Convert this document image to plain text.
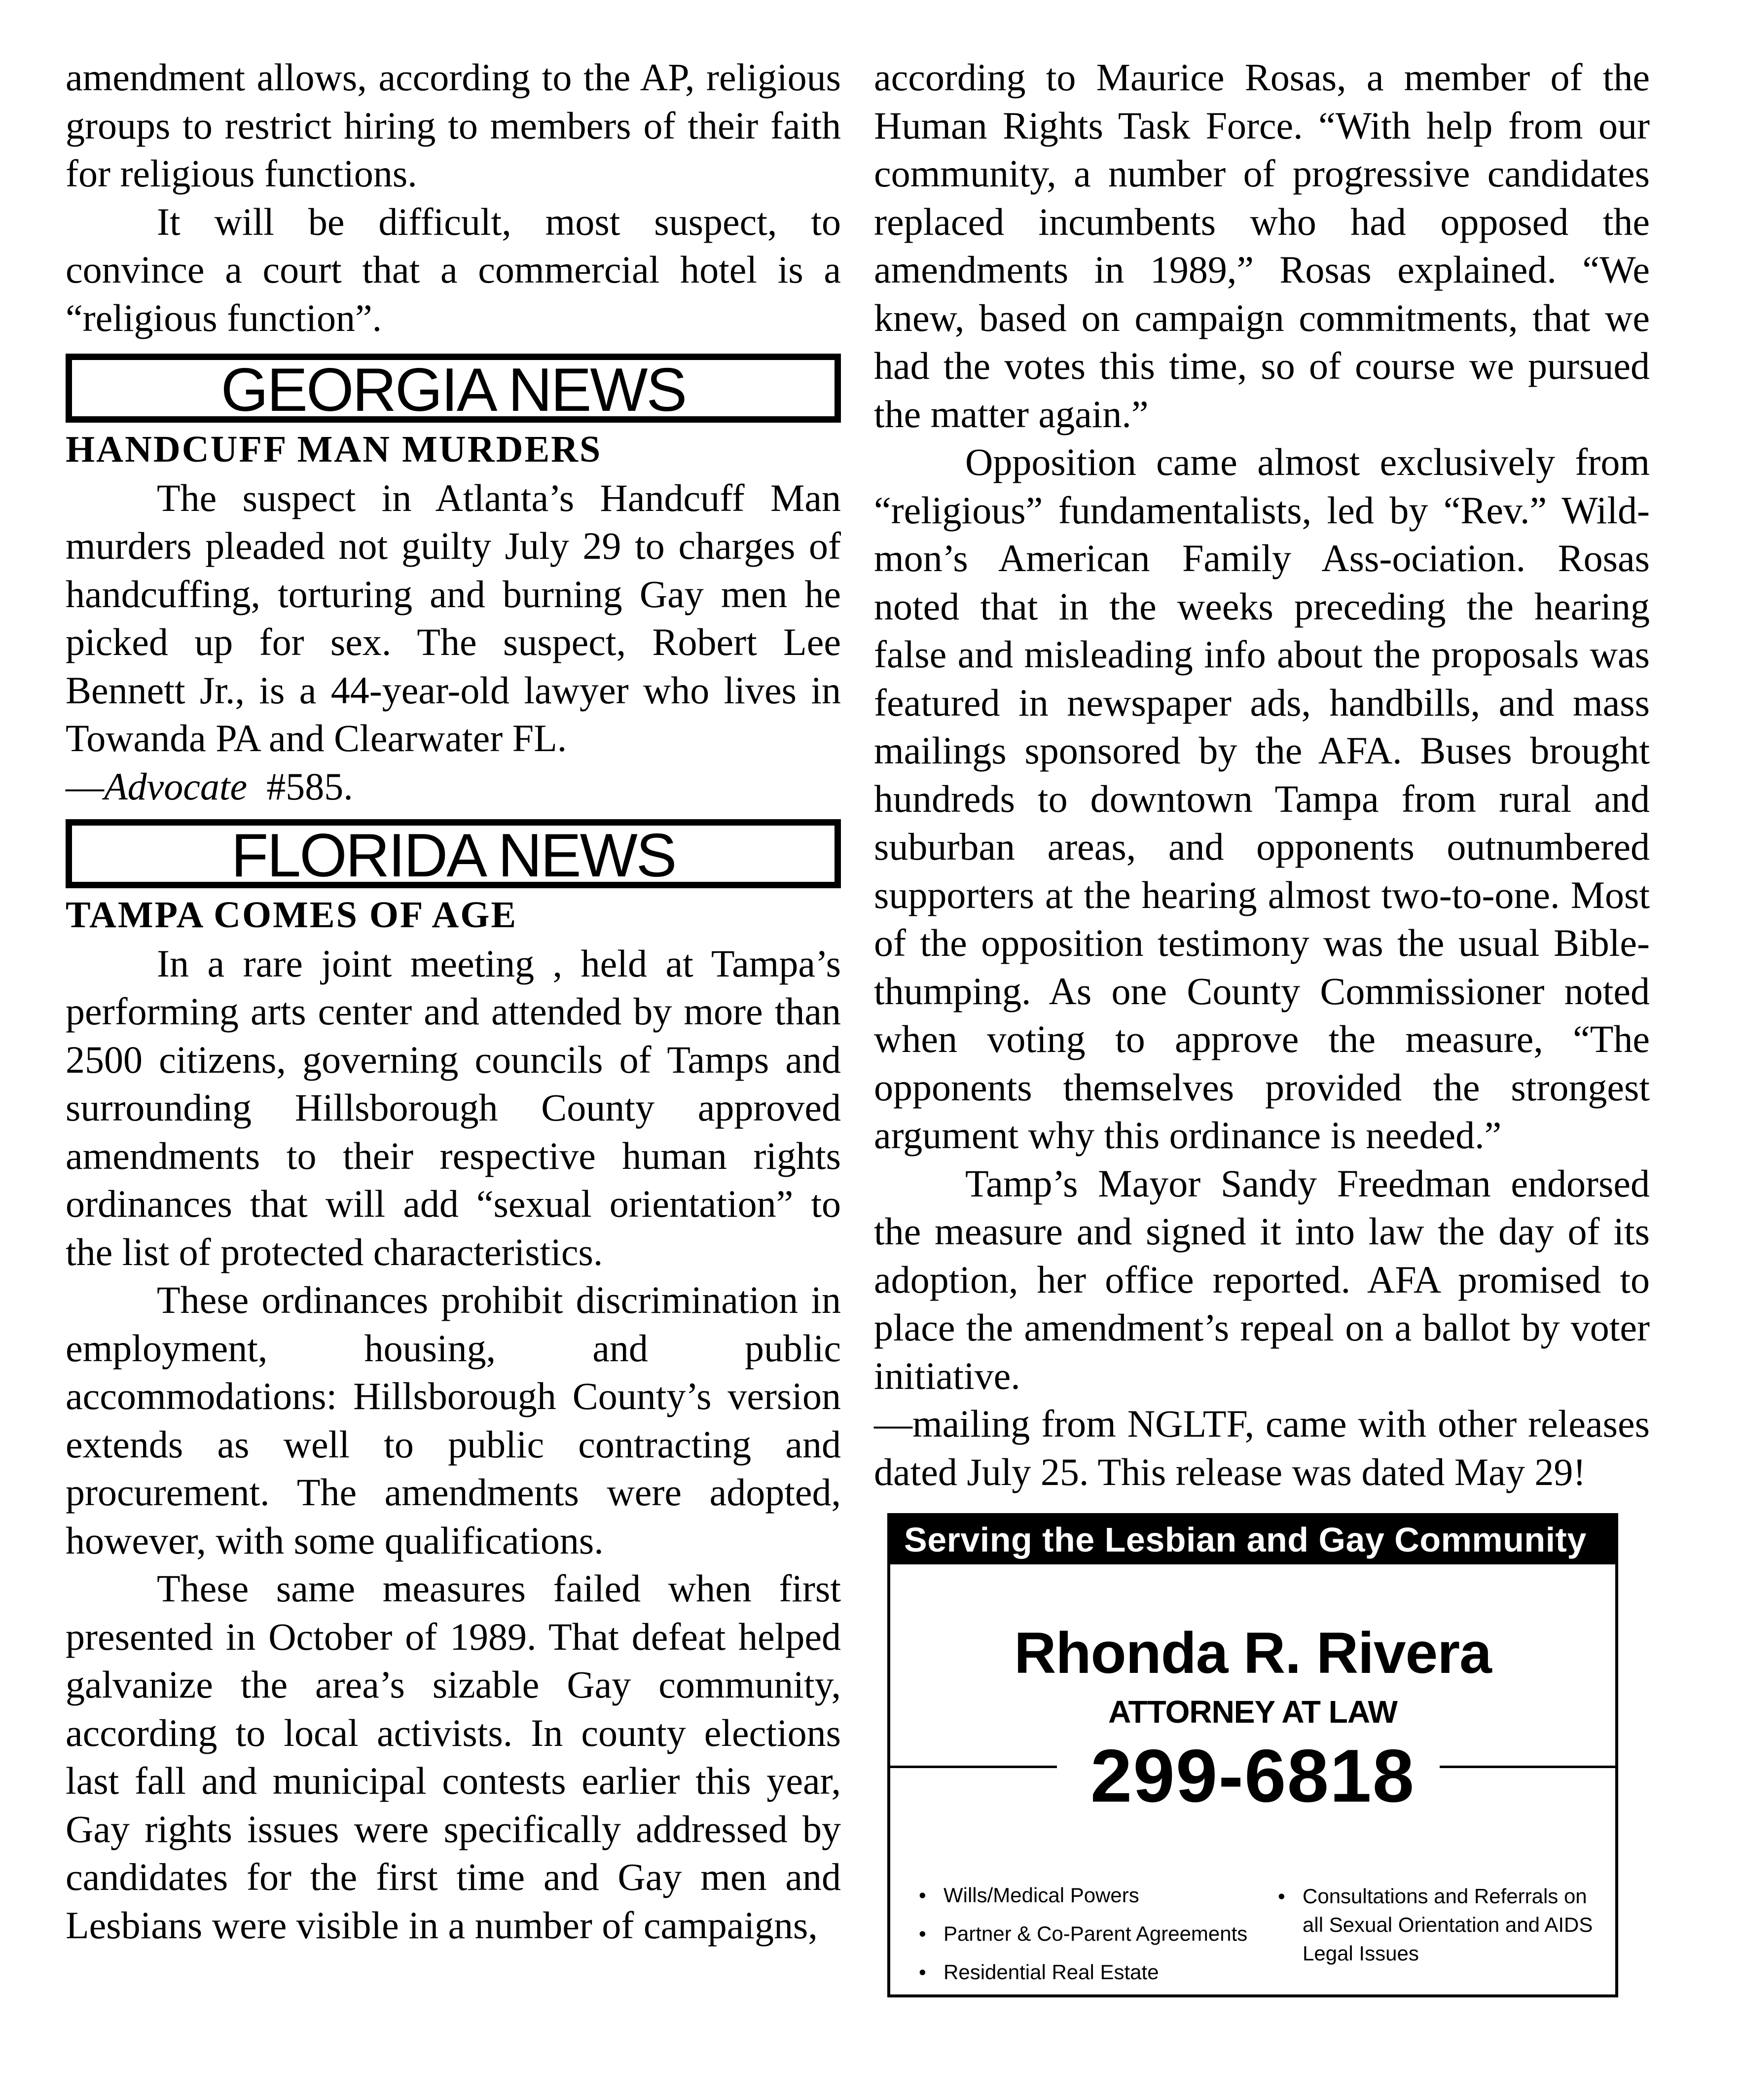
amendment allows, according to the AP, religious groups to restrict hiring to members of their faith for religious functions.

It will be difficult, most suspect, to convince a court that a commercial hotel is a “religious function”.

GEORGIA NEWS
HANDCUFF MAN MURDERS

The suspect in Atlanta’s Handcuff Man murders pleaded not guilty July 29 to charges of handcuffing, torturing and burning Gay men he picked up for sex. The suspect, Robert Lee Bennett Jr., is a 44-year-old lawyer who lives in Towanda PA and Clearwater FL.

—Advocate #585.

FLORIDA NEWS
TAMPA COMES OF AGE

In a rare joint meeting , held at Tampa’s performing arts center and attended by more than 2500 citizens, governing councils of Tamps and surrounding Hillsborough County approved amendments to their respective human rights ordinances that will add “sexual orientation” to the list of protected characteristics.

These ordinances prohibit discrimination in employment, housing, and public accommodations: Hillsborough County’s version extends as well to public contracting and procurement. The amendments were adopted, however, with some qualifications.

These same measures failed when first presented in October of 1989. That defeat helped galvanize the area’s sizable Gay community, according to local activists. In county elections last fall and municipal contests earlier this year, Gay rights issues were specifically addressed by candidates for the first time and Gay men and Lesbians were visible in a number of campaigns,

according to Maurice Rosas, a member of the Human Rights Task Force. “With help from our community, a number of progressive candidates replaced incumbents who had opposed the amendments in 1989,” Rosas explained. “We knew, based on campaign commitments, that we had the votes this time, so of course we pursued the matter again.”

Opposition came almost exclusively from “religious” fundamentalists, led by “Rev.” Wild-mon’s American Family Ass-ociation. Rosas noted that in the weeks preceding the hearing false and misleading info about the proposals was featured in newspaper ads, handbills, and mass mailings sponsored by the AFA. Buses brought hundreds to downtown Tampa from rural and suburban areas, and opponents outnumbered supporters at the hearing almost two-to-one. Most of the opposition testimony was the usual Bible-thumping. As one County Commissioner noted when voting to approve the measure, “The opponents themselves provided the strongest argument why this ordinance is needed.”

Tamp’s Mayor Sandy Freedman endorsed the measure and signed it into law the day of its adoption, her office reported. AFA promised to place the amendment’s repeal on a ballot by voter initiative.

—mailing from NGLTF, came with other releases dated July 25. This release was dated May 29!

Serving the Lesbian and Gay Community
Rhonda R. Rivera
ATTORNEY AT LAW
299-6818
• Wills/Medical Powers
• Partner & Co-Parent Agreements
• Residential Real Estate
• Consultations and Referrals on all Sexual Orientation and AIDS Legal Issues
